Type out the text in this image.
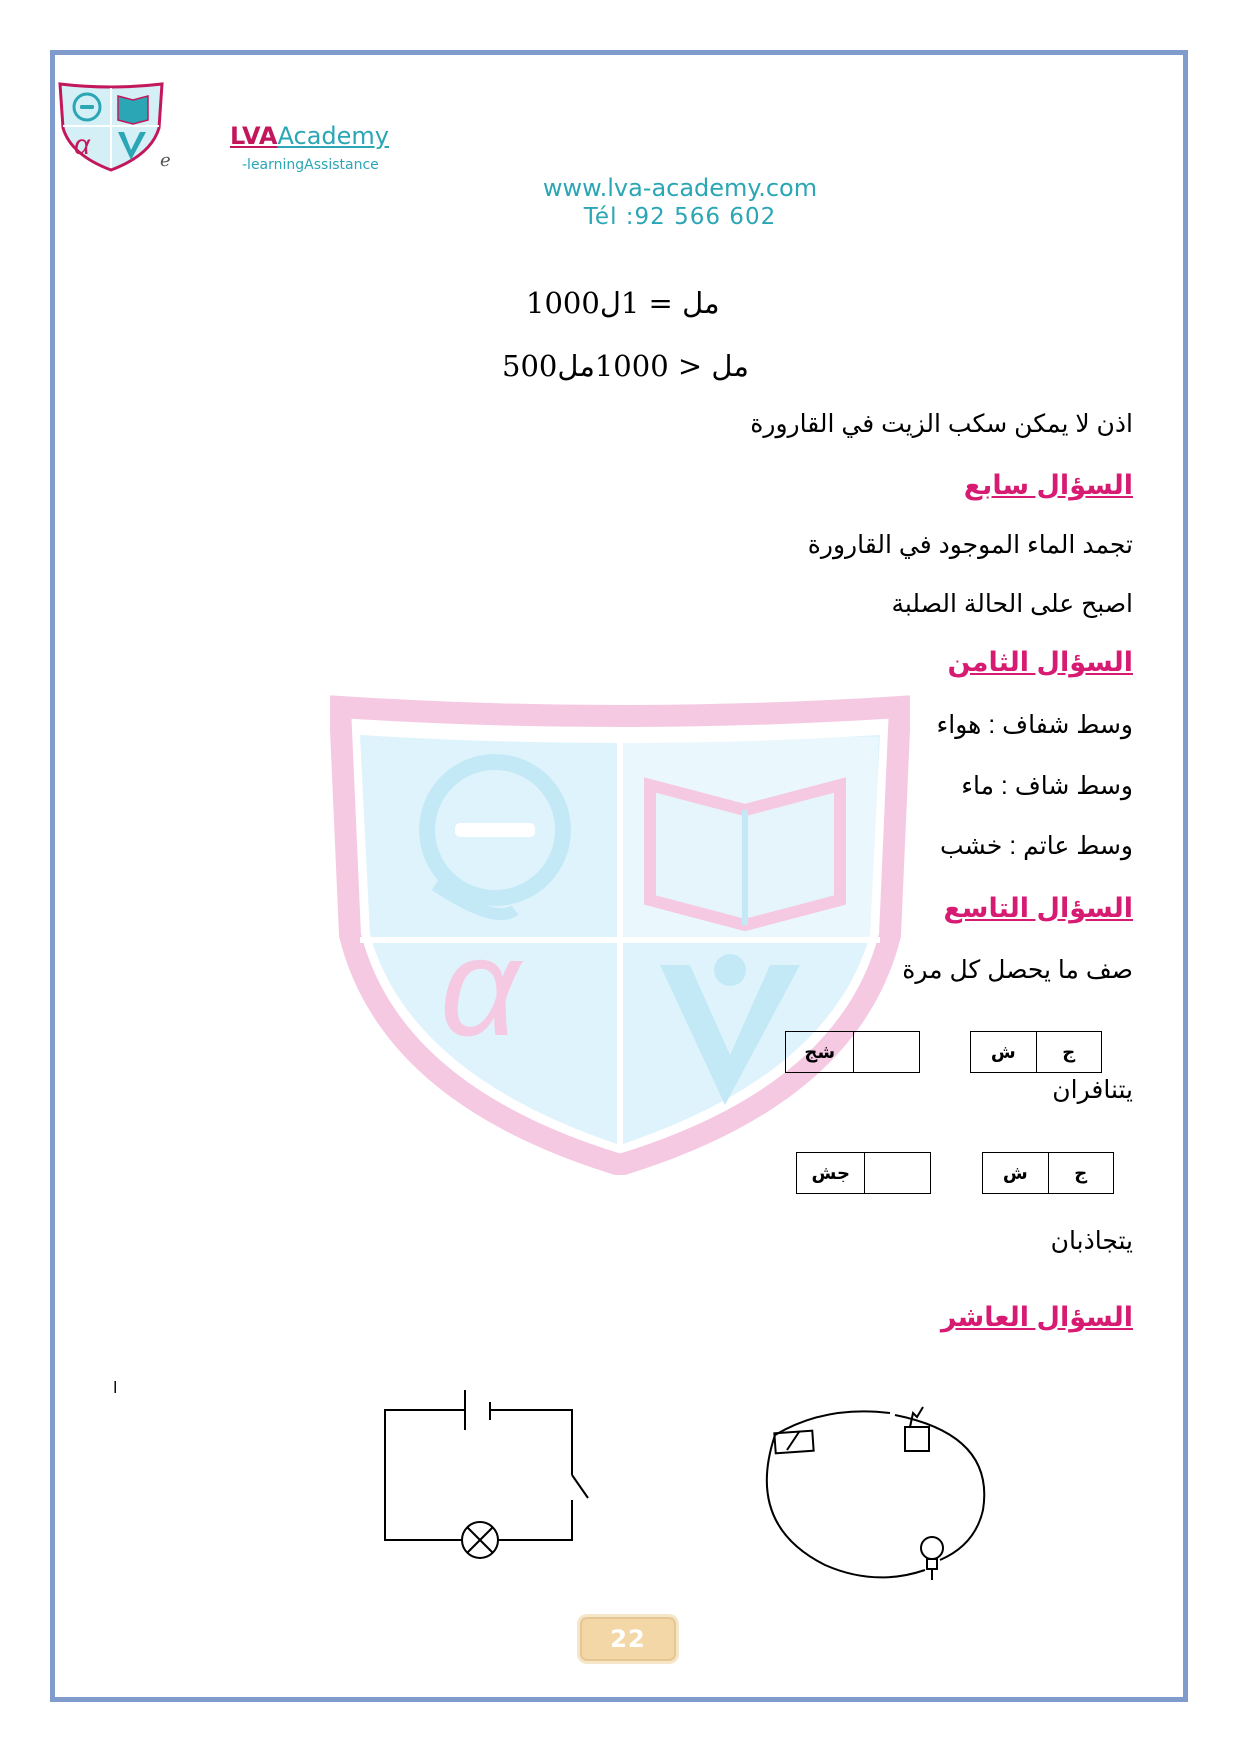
α
α
e
LVAAcademy
-learningAssistance
www.lva-academy.com
Tél :92 566 602
1000مل = 1ل
500مل < 1000مل
اذن لا يمكن سكب الزيت في القارورة
السؤال سابع
تجمد الماء الموجود في القارورة
اصبح على الحالة الصلبة
السؤال الثامن
وسط شفاف : هواء
وسط شاف : ماء
وسط عاتم : خشب
السؤال التاسع
صف ما يحصل كل مرة
ش	ج
شج
يتنافران
ش	ج
جش
يتجاذبان
السؤال العاشر
ا
22
